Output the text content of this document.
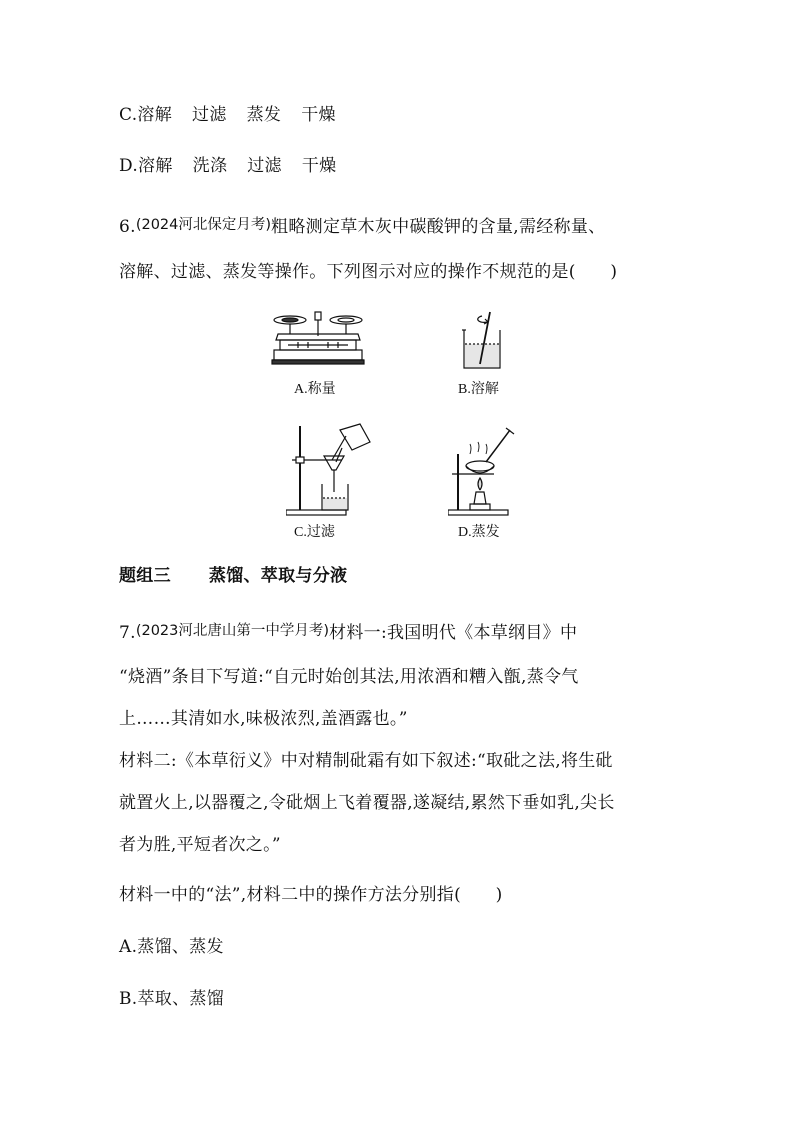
C.溶解 过滤 蒸发 干燥
D.溶解 洗涤 过滤 干燥
6.(2024河北保定月考)粗略测定草木灰中碳酸钾的含量,需经称量、
溶解、过滤、蒸发等操作。下列图示对应的操作不规范的是(　　)
A.称量	B.溶解
C.过滤	D.蒸发
题组三 蒸馏、萃取与分液
7.(2023河北唐山第一中学月考)材料一:我国明代《本草纲目》中
“烧酒”条目下写道:“自元时始创其法,用浓酒和糟入甑,蒸令气
上……其清如水,味极浓烈,盖酒露也。”
材料二:《本草衍义》中对精制砒霜有如下叙述:“取砒之法,将生砒
就置火上,以器覆之,令砒烟上飞着覆器,遂凝结,累然下垂如乳,尖长
者为胜,平短者次之。”
材料一中的“法”,材料二中的操作方法分别指(　　)
A.蒸馏、蒸发
B.萃取、蒸馏
